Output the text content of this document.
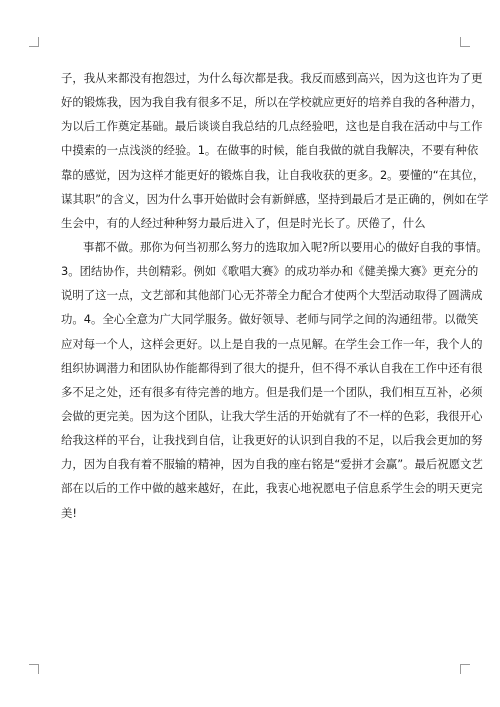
子，我从来都没有抱怨过，为什么每次都是我。我反而感到高兴，因为这也许为了更
好的锻炼我，因为我自我有很多不足，所以在学校就应更好的培养自我的各种潜力，
为以后工作奠定基础。最后谈谈自我总结的几点经验吧，这也是自我在活动中与工作
中摸索的一点浅淡的经验。1。在做事的时候，能自我做的就自我解决，不要有种依
靠的感觉，因为这样才能更好的锻炼自我，让自我收获的更多。2。要懂的“在其位，
谋其职”的含义，因为什么事开始做时会有新鲜感，坚持到最后才是正确的，例如在学
生会中，有的人经过种种努力最后进入了，但是时光长了。厌倦了，什么
事都不做。那你为何当初那么努力的选取加入呢?所以要用心的做好自我的事情。
3。团结协作，共创精彩。例如《歌唱大赛》的成功举办和《健美操大赛》更充分的
说明了这一点，文艺部和其他部门心无芥蒂全力配合才使两个大型活动取得了圆满成
功。4。全心全意为广大同学服务。做好领导、老师与同学之间的沟通纽带。以微笑
应对每一个人，这样会更好。以上是自我的一点见解。在学生会工作一年，我个人的
组织协调潜力和团队协作能都得到了很大的提升，但不得不承认自我在工作中还有很
多不足之处，还有很多有待完善的地方。但是我们是一个团队，我们相互互补，必须
会做的更完美。因为这个团队，让我大学生活的开始就有了不一样的色彩，我很开心
给我这样的平台，让我找到自信，让我更好的认识到自我的不足，以后我会更加的努
力，因为自我有着不服输的精神，因为自我的座右铭是“爱拼才会赢”。最后祝愿文艺
部在以后的工作中做的越来越好，在此，我衷心地祝愿电子信息系学生会的明天更完
美!
